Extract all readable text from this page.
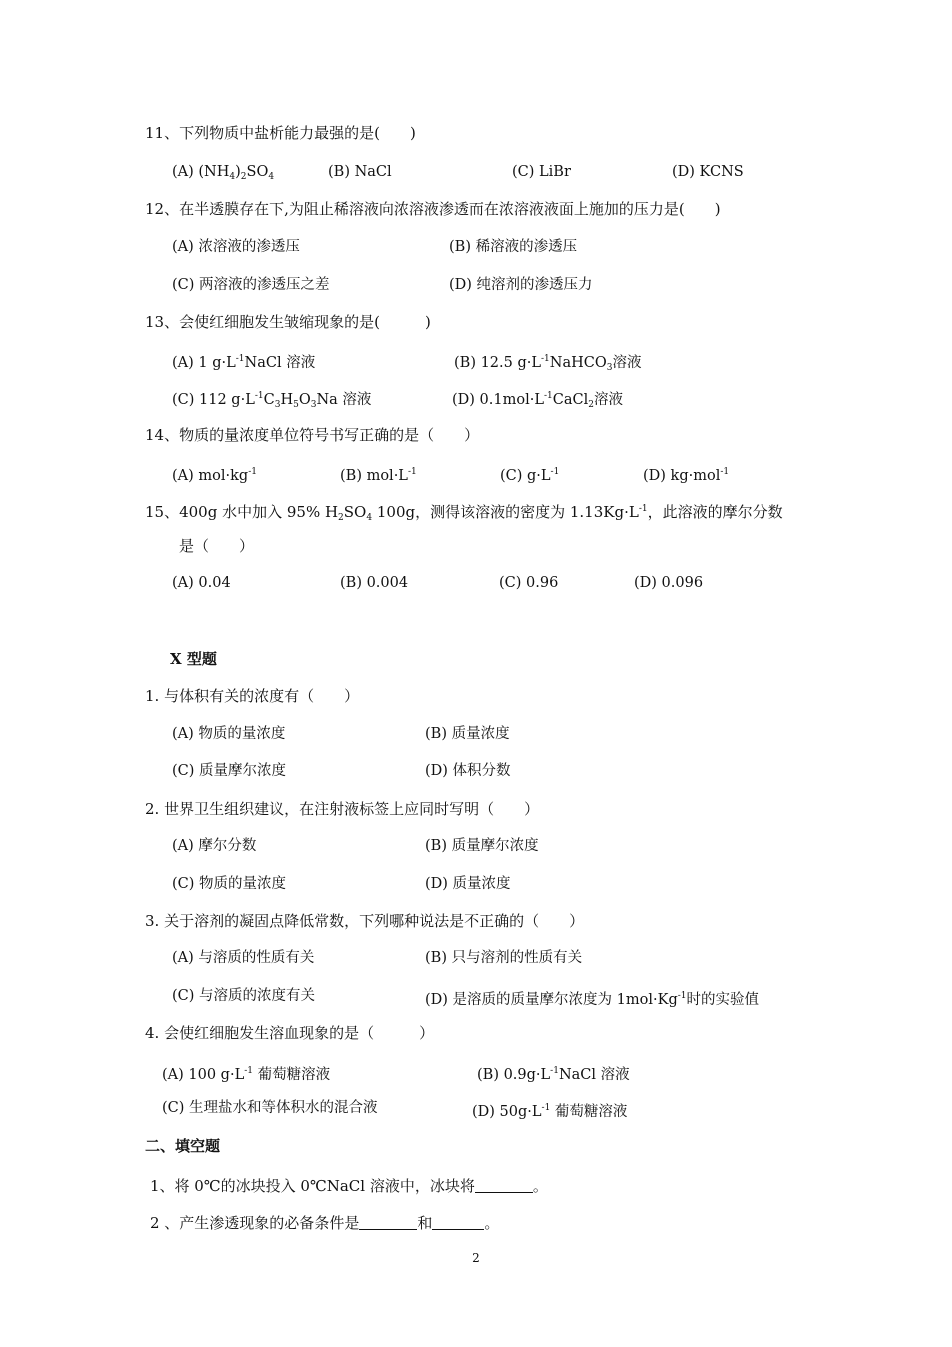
11、下列物质中盐析能力最强的是(　　)
(A) $(NH_4)_2SO_4$	(B) NaCl	(C) LiBr	(D) KCNS
12、在半透膜存在下,为阻止稀溶液向浓溶液渗透而在浓溶液液面上施加的压力是(　　)
(A) 浓溶液的渗透压	(B) 稀溶液的渗透压
(C) 两溶液的渗透压之差	(D) 纯溶剂的渗透压力
13、会使红细胞发生皱缩现象的是(　　　)
(A) 1 $g\cdot L^{-1}NaCl$ 溶液	(B) 12.5 $g\cdot L^{-1}NaHCO_3$溶液
(C) 112 $g\cdot L^{-1}C_3H_5O_3Na$ 溶液	(D) $0.1mol\cdot L^{-1}CaCl_2$溶液
14、物质的量浓度单位符号书写正确的是（　　）
(A) $mol\cdot kg^{-1}$	(B) $mol\cdot L^{-1}$	(C) $g\cdot L^{-1}$	(D) kg·mol$^{-1}$
15、400g 水中加入 95% $H_2SO_4$ 100g，测得该溶液的密度为 $1.13Kg\cdot L^{-1}$，此溶液的摩尔分数
是（　　）
(A) 0.04	(B) 0.004	(C) 0.96	(D) 0.096
X 型题
1. 与体积有关的浓度有（　　）
(A) 物质的量浓度	(B) 质量浓度
(C) 质量摩尔浓度	(D) 体积分数
2. 世界卫生组织建议，在注射液标签上应同时写明（　　）
(A) 摩尔分数	(B) 质量摩尔浓度
(C) 物质的量浓度	(D) 质量浓度
3. 关于溶剂的凝固点降低常数，下列哪种说法是不正确的（　　）
(A) 与溶质的性质有关	(B) 只与溶剂的性质有关
(C) 与溶质的浓度有关	(D) 是溶质的质量摩尔浓度为 $1mol\cdot Kg^{-1}$时的实验值
4. 会使红细胞发生溶血现象的是（　　　）
(A) 100 $g\cdot L^{-1}$ 葡萄糖溶液	(B) $0.9g\cdot L^{-1}NaCl$ 溶液
(C) 生理盐水和等体积水的混合液	(D) $50g\cdot L^{-1}$ 葡萄糖溶液
二、填空题
1、将 0℃的冰块投入 0℃NaCl 溶液中，冰块将	。
2 、产生渗透现象的必备条件是	和	。
2
